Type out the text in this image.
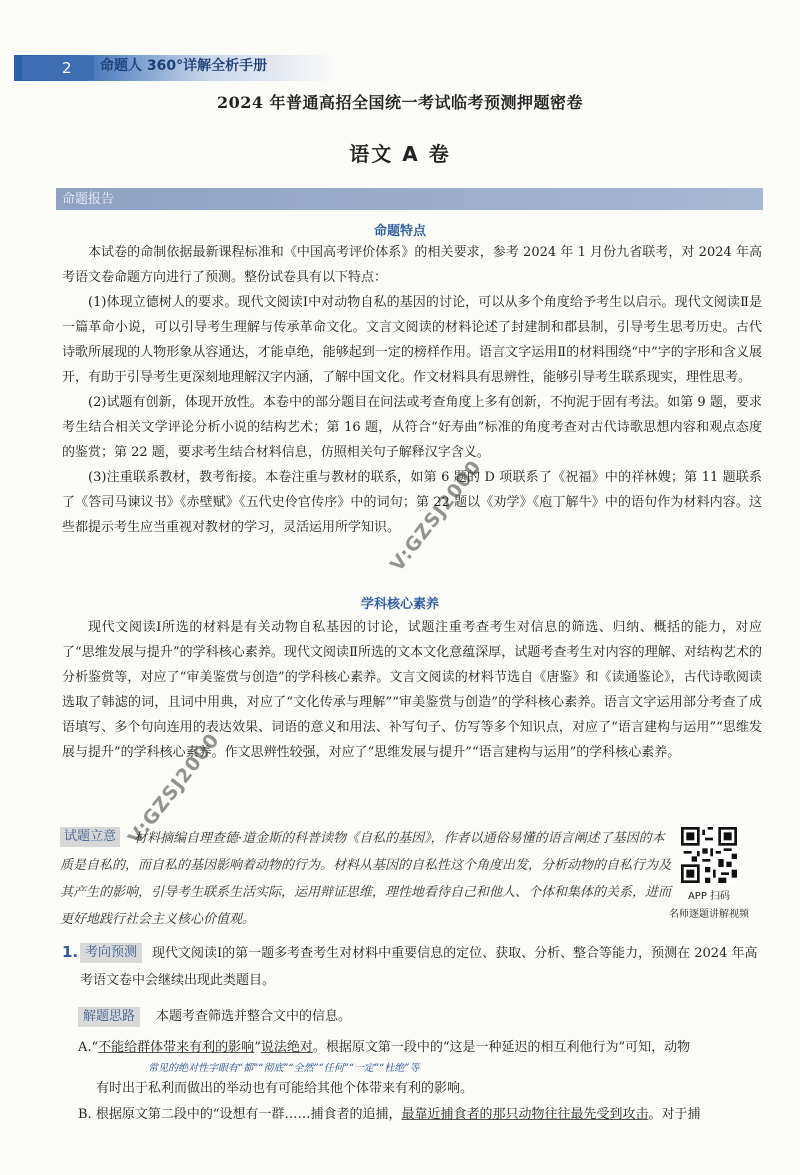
2	命题人 360°详解全析手册
2024 年普通高招全国统一考试临考预测押题密卷
语文 A 卷
命题报告
命题特点

本试卷的命制依据最新课程标准和《中国高考评价体系》的相关要求，参考 2024 年 1 月份九省联考，对 2024 年高考语文卷命题方向进行了预测。整份试卷具有以下特点：

(1)体现立德树人的要求。现代文阅读Ⅰ中对动物自私的基因的讨论，可以从多个角度给予考生以启示。现代文阅读Ⅱ是一篇革命小说，可以引导考生理解与传承革命文化。文言文阅读的材料论述了封建制和郡县制，引导考生思考历史。古代诗歌所展现的人物形象从容通达，才能卓绝，能够起到一定的榜样作用。语言文字运用Ⅱ的材料围绕“中”字的字形和含义展开，有助于引导考生更深刻地理解汉字内涵，了解中国文化。作文材料具有思辨性，能够引导考生联系现实，理性思考。

(2)试题有创新，体现开放性。本卷中的部分题目在问法或考查角度上多有创新，不拘泥于固有考法。如第 9 题，要求考生结合相关文学评论分析小说的结构艺术；第 16 题，从符合“好寿曲”标准的角度考查对古代诗歌思想内容和观点态度的鉴赏；第 22 题，要求考生结合材料信息，仿照相关句子解释汉字含义。

(3)注重联系教材，教考衔接。本卷注重与教材的联系，如第 6 题的 D 项联系了《祝福》中的祥林嫂；第 11 题联系了《答司马谏议书》《赤壁赋》《五代史伶官传序》中的词句；第 22 题以《劝学》《庖丁解牛》中的语句作为材料内容。这些都提示考生应当重视对教材的学习，灵活运用所学知识。

学科核心素养

现代文阅读Ⅰ所选的材料是有关动物自私基因的讨论，试题注重考查考生对信息的筛选、归纳、概括的能力，对应了“思维发展与提升”的学科核心素养。现代文阅读Ⅱ所选的文本文化意蕴深厚，试题考查考生对内容的理解、对结构艺术的分析鉴赏等，对应了“审美鉴赏与创造”的学科核心素养。文言文阅读的材料节选自《唐鉴》和《读通鉴论》，古代诗歌阅读选取了韩滤的词，且词中用典，对应了“文化传承与理解”“审美鉴赏与创造”的学科核心素养。语言文字运用部分考查了成语填写、多个句向连用的表达效果、词语的意义和用法、补写句子、仿写等多个知识点，对应了“语言建构与运用”“思维发展与提升”的学科核心素养。作文思辨性较强，对应了“思维发展与提升”“语言建构与运用”的学科核心素养。

V:GZSJ2000
V:GZSJ2000
材料摘编自理查德·道金斯的科普读物《自私的基因》，作者以通俗易懂的语言阐述了基因的本质是自私的，而自私的基因影响着动物的行为。材料从基因的自私性这个角度出发，分析动物的自私行为及其产生的影响，引导考生联系生活实际，运用辩证思维，理性地看待自己和他人、个体和集体的关系，进而更好地践行社会主义核心价值观。
试题立意
APP 扫码
名师逐题讲解视频
现代文阅读Ⅰ的第一题多考查考生对材料中重要信息的定位、获取、分析、整合等能力，预测在 2024 年高考语文卷中会继续出现此类题目。
1. 考向预测
解题思路	本题考查筛选并整合文中的信息。
A.“不能给群体带来有利的影响”说法绝对。根据原文第一段中的“这是一种延迟的相互利他行为”可知，动物
常见的绝对性字眼有“都”“彻底”“全然”“任何”“一定”“杜绝”等
有时出于私利而做出的举动也有可能给其他个体带来有利的影响。
B. 根据原文第二段中的“设想有一群……捕食者的追捕，最靠近捕食者的那只动物往往最先受到攻击。对于捕
